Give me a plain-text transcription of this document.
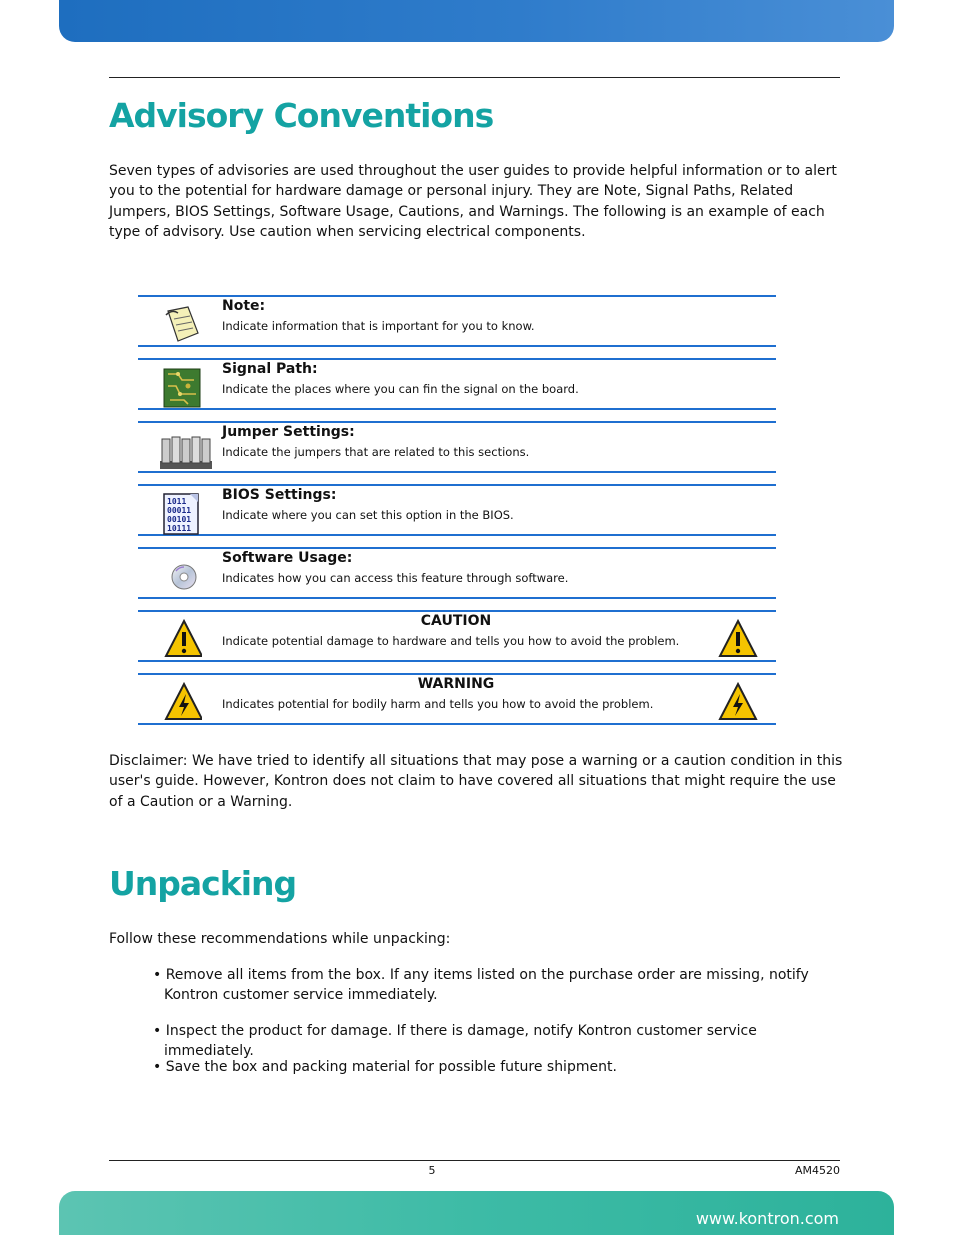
Advisory Conventions

Seven types of advisories are used throughout the user guides to provide helpful information or to alert you to the potential for hardware damage or personal injury. They are Note, Signal Paths, Related Jumpers, BIOS Settings, Software Usage, Cautions, and Warnings. The following is an example of each type of advisory. Use caution when servicing electrical components.

Note:
Indicate information that is important for you to know.
Signal Path:
Indicate the places where you can fin the signal on the board.
Jumper Settings:
Indicate the jumpers that are related to this sections.
1011
00011
00101
10111
BIOS Settings:
Indicate where you can set this option in the BIOS.
Software Usage:
Indicates how you can access this feature through software.
CAUTION
Indicate potential damage to hardware and tells you how to avoid the problem.
WARNING
Indicates potential for bodily harm and tells you how to avoid the problem.

Disclaimer: We have tried to identify all situations that may pose a warning or a caution condition in this user's guide. However, Kontron does not claim to have covered all situations that might require the use of a Caution or a Warning.

Unpacking

Follow these recommendations while unpacking:

• Remove all items from the box. If any items listed on the purchase order are missing, notify Kontron customer service immediately.

• Inspect the product for damage. If there is damage, notify Kontron customer service immediately.

• Save the box and packing material for possible future shipment.

5	AM4520
www.kontron.com
